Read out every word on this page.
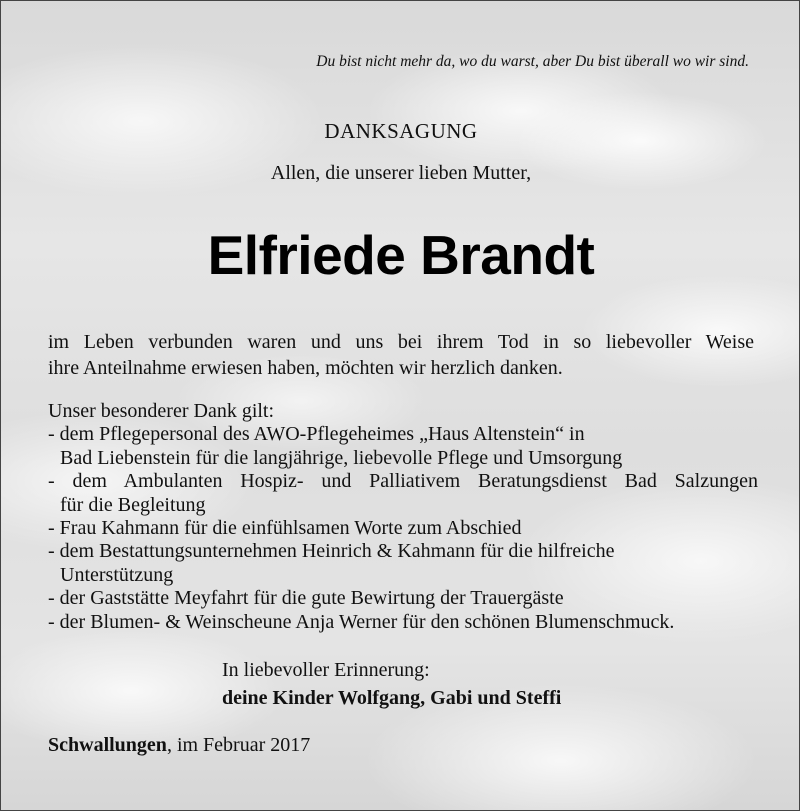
Du bist nicht mehr da, wo du warst, aber Du bist überall wo wir sind.
DANKSAGUNG
Allen, die unserer lieben Mutter,
Elfriede Brandt
im Leben verbunden waren und uns bei ihrem Tod in so liebevoller Weise
ihre Anteilnahme erwiesen haben, möchten wir herzlich danken.
Unser besonderer Dank gilt:
- dem Pflegepersonal des AWO-Pflegeheimes „Haus Altenstein“ in
Bad Liebenstein für die langjährige, liebevolle Pflege und Umsorgung
- dem Ambulanten Hospiz- und Palliativem Beratungsdienst Bad Salzungen
für die Begleitung
- Frau Kahmann für die einfühlsamen Worte zum Abschied
- dem Bestattungsunternehmen Heinrich & Kahmann für die hilfreiche
Unterstützung
- der Gaststätte Meyfahrt für die gute Bewirtung der Trauergäste
- der Blumen- & Weinscheune Anja Werner für den schönen Blumenschmuck.
In liebevoller Erinnerung:
deine Kinder Wolfgang, Gabi und Steffi
Schwallungen, im Februar 2017
